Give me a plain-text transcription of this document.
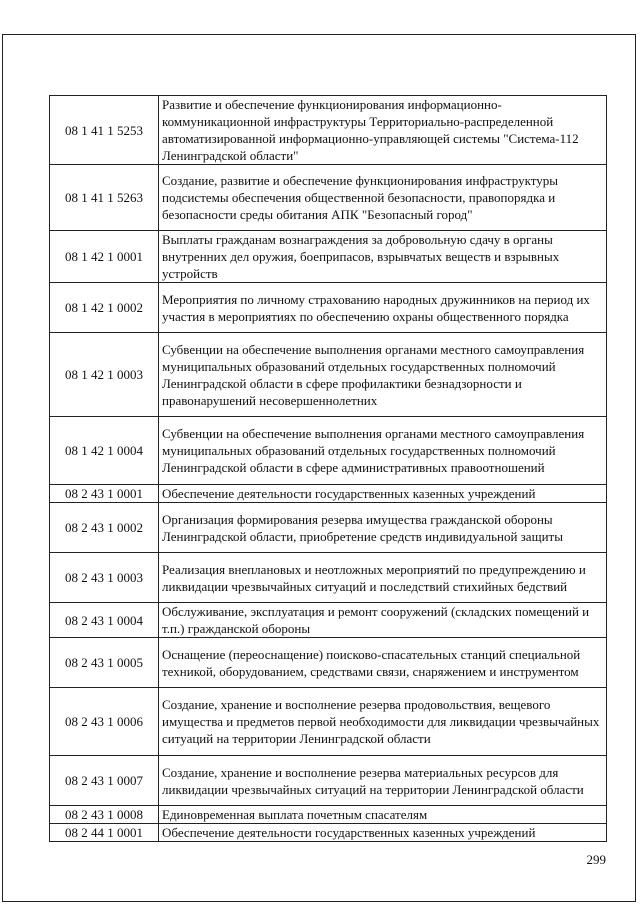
08 1 41 1 5253	Развитие и обеспечение функционирования информационно-коммуникационной инфраструктуры Территориально-распределенной автоматизированной информационно-управляющей системы "Система-112 Ленинградской области"
08 1 41 1 5263	Создание, развитие и обеспечение функционирования инфраструктуры подсистемы обеспечения общественной безопасности, правопорядка и безопасности среды обитания АПК "Безопасный город"
08 1 42 1 0001	Выплаты гражданам вознаграждения за добровольную сдачу в органы внутренних дел оружия, боеприпасов, взрывчатых веществ и взрывных устройств
08 1 42 1 0002	Мероприятия по личному страхованию народных дружинников на период их участия в мероприятиях по обеспечению охраны общественного порядка
08 1 42 1 0003	Субвенции на обеспечение выполнения органами местного самоуправления муниципальных образований отдельных государственных полномочий Ленинградской области в сфере профилактики безнадзорности и правонарушений несовершеннолетних
08 1 42 1 0004	Субвенции на обеспечение выполнения органами местного самоуправления муниципальных образований отдельных государственных полномочий Ленинградской области в сфере административных правоотношений
08 2 43 1 0001	Обеспечение деятельности государственных казенных учреждений
08 2 43 1 0002	Организация формирования резерва имущества гражданской обороны Ленинградской области, приобретение средств индивидуальной защиты
08 2 43 1 0003	Реализация внеплановых и неотложных мероприятий по предупреждению и ликвидации чрезвычайных ситуаций и последствий стихийных бедствий
08 2 43 1 0004	Обслуживание, эксплуатация и ремонт сооружений (складских помещений и т.п.) гражданской обороны
08 2 43 1 0005	Оснащение (переоснащение) поисково-спасательных станций специальной техникой, оборудованием, средствами связи, снаряжением и инструментом
08 2 43 1 0006	Создание, хранение и восполнение резерва продовольствия, вещевого имущества и предметов первой необходимости для ликвидации чрезвычайных ситуаций на территории Ленинградской области
08 2 43 1 0007	Создание, хранение и восполнение резерва материальных ресурсов для ликвидации чрезвычайных ситуаций на территории Ленинградской области
08 2 43 1 0008	Единовременная выплата почетным спасателям
08 2 44 1 0001	Обеспечение деятельности государственных казенных учреждений
299
